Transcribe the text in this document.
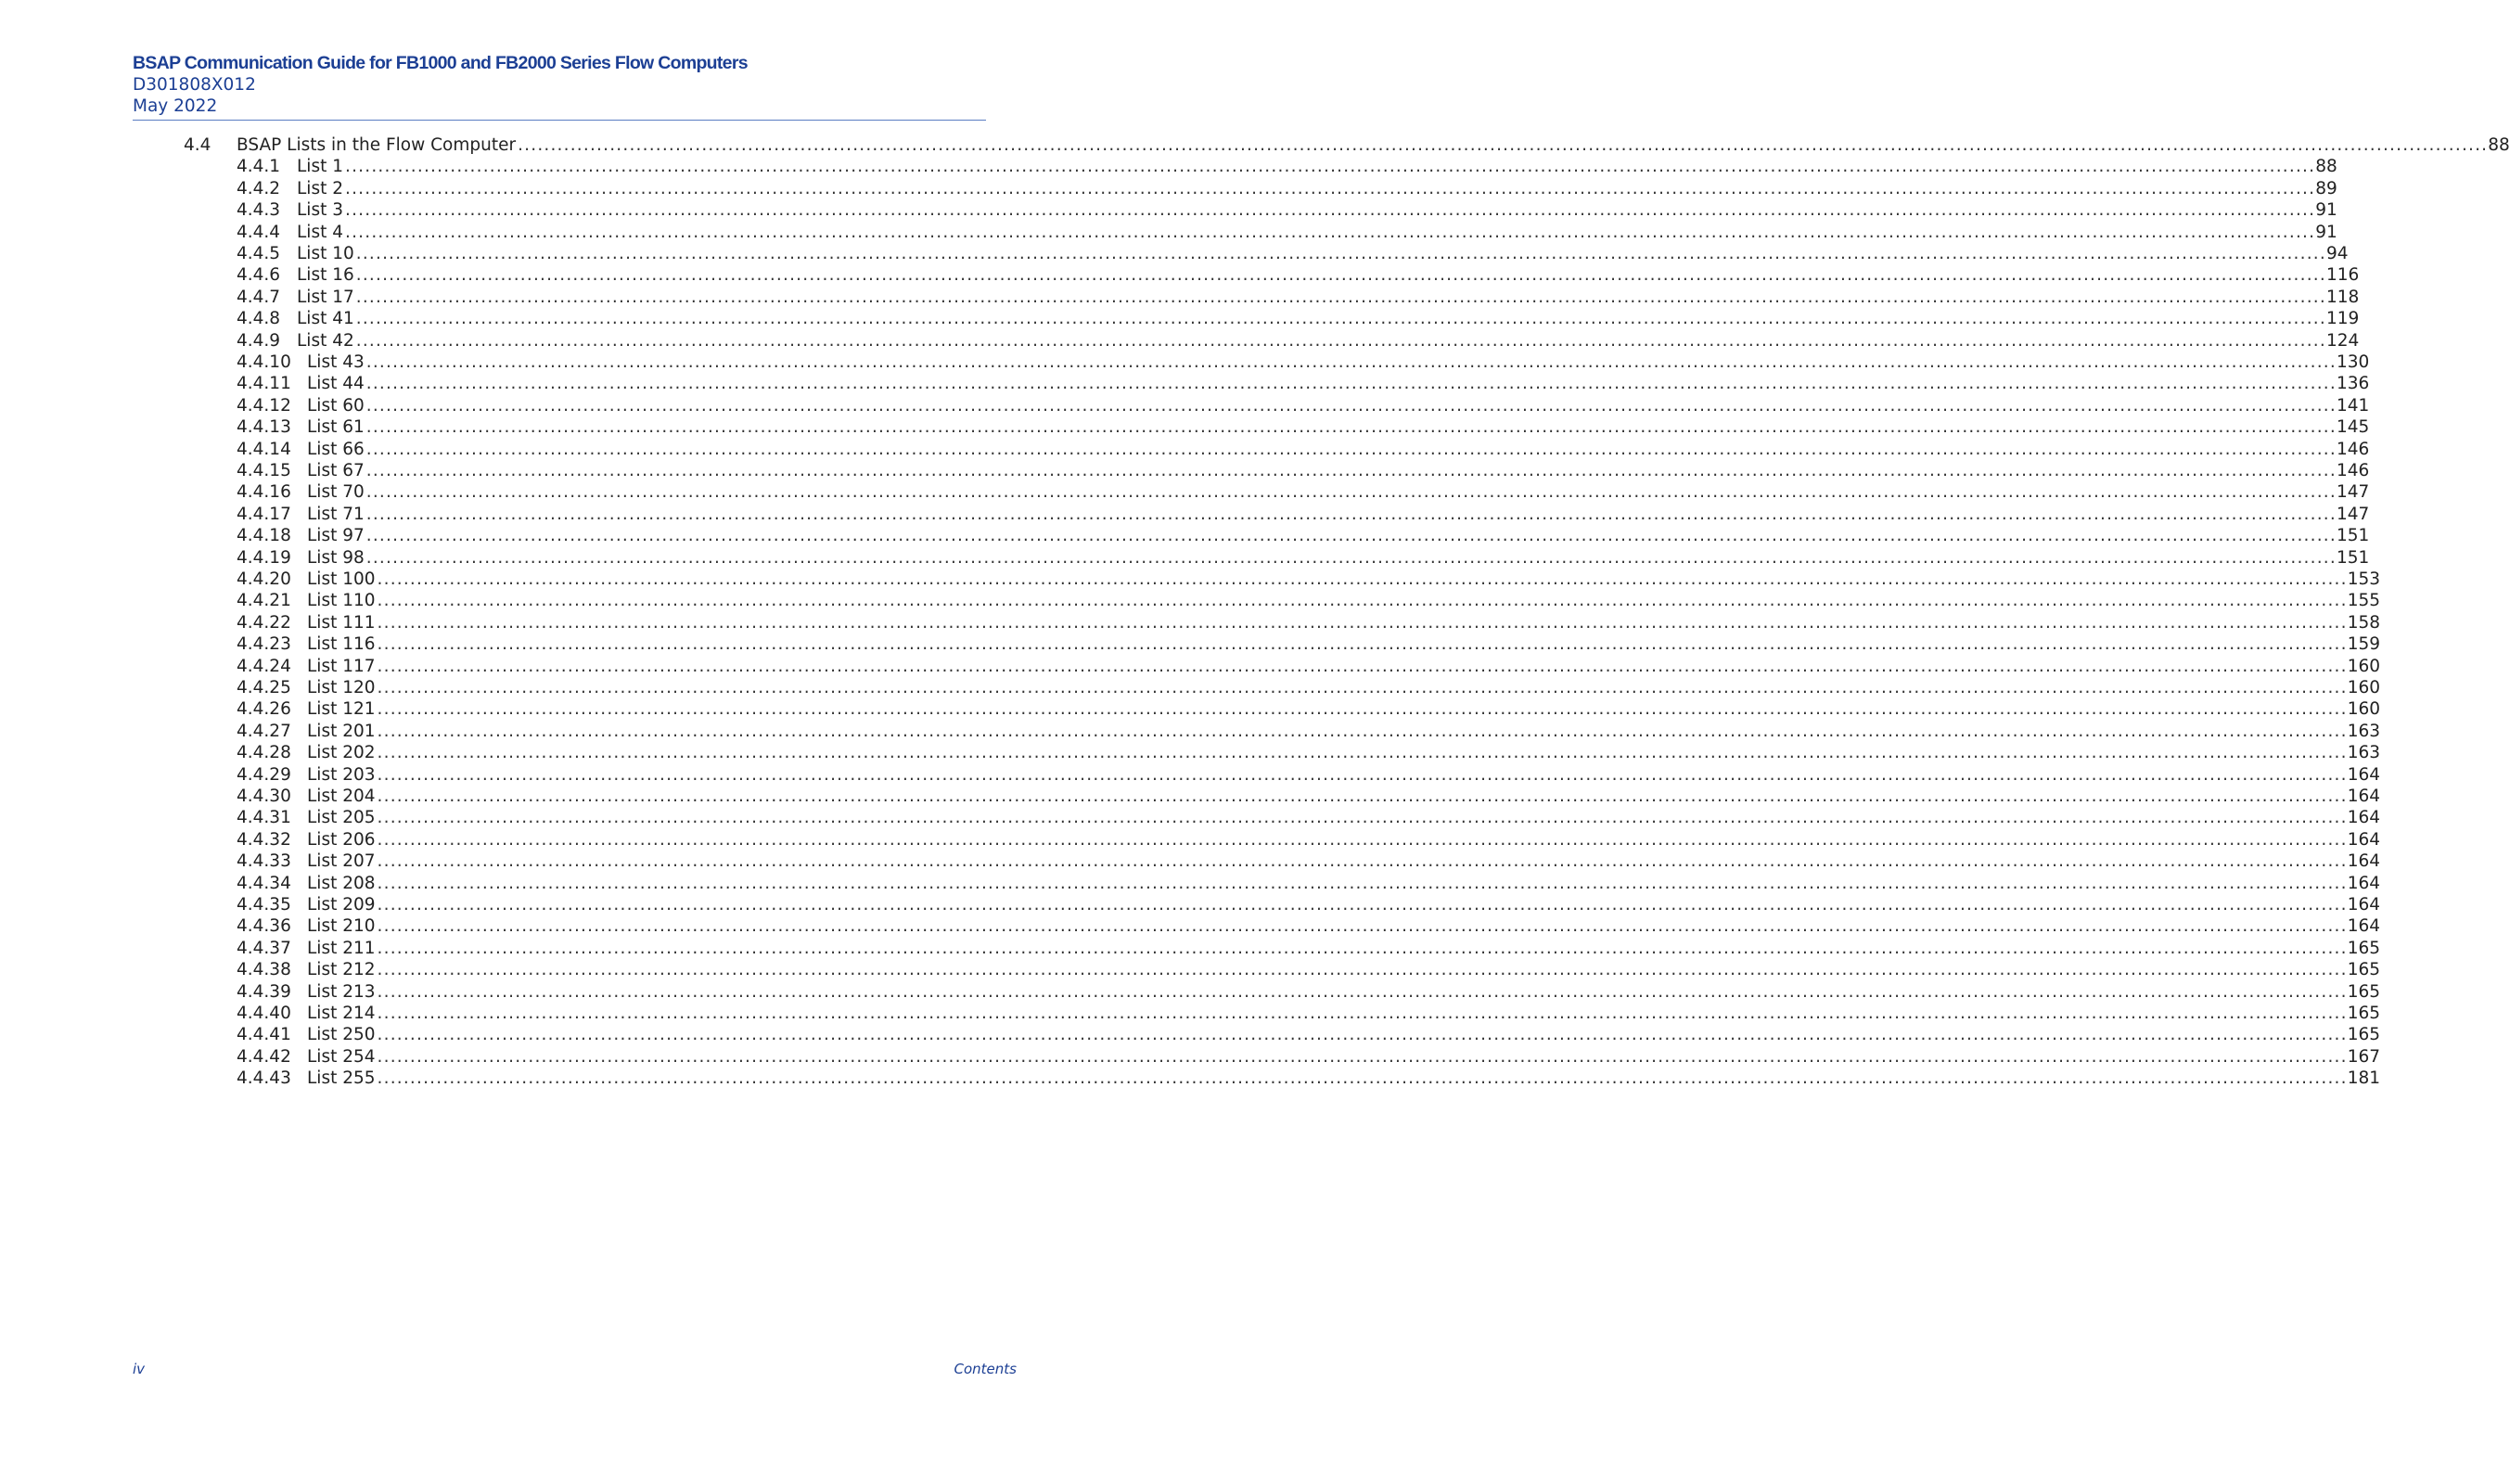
BSAP Communication Guide for FB1000 and FB2000 Series Flow Computers
D301808X012
May 2022
4.4 BSAP Lists in the Flow Computer ............................................................................................................................................................................................................................................................................................................ 88
4.4.1 List 1 ............................................................................................................................................................................................................................................................................................................ 88
4.4.2 List 2 ............................................................................................................................................................................................................................................................................................................ 89
4.4.3 List 3 ............................................................................................................................................................................................................................................................................................................ 91
4.4.4 List 4 ............................................................................................................................................................................................................................................................................................................ 91
4.4.5 List 10 ............................................................................................................................................................................................................................................................................................................ 94
4.4.6 List 16 ............................................................................................................................................................................................................................................................................................................ 116
4.4.7 List 17 ............................................................................................................................................................................................................................................................................................................ 118
4.4.8 List 41 ............................................................................................................................................................................................................................................................................................................ 119
4.4.9 List 42 ............................................................................................................................................................................................................................................................................................................ 124
4.4.10 List 43 ............................................................................................................................................................................................................................................................................................................ 130
4.4.11 List 44 ............................................................................................................................................................................................................................................................................................................ 136
4.4.12 List 60 ............................................................................................................................................................................................................................................................................................................ 141
4.4.13 List 61 ............................................................................................................................................................................................................................................................................................................ 145
4.4.14 List 66 ............................................................................................................................................................................................................................................................................................................ 146
4.4.15 List 67 ............................................................................................................................................................................................................................................................................................................ 146
4.4.16 List 70 ............................................................................................................................................................................................................................................................................................................ 147
4.4.17 List 71 ............................................................................................................................................................................................................................................................................................................ 147
4.4.18 List 97 ............................................................................................................................................................................................................................................................................................................ 151
4.4.19 List 98 ............................................................................................................................................................................................................................................................................................................ 151
4.4.20 List 100 ............................................................................................................................................................................................................................................................................................................ 153
4.4.21 List 110 ............................................................................................................................................................................................................................................................................................................ 155
4.4.22 List 111 ............................................................................................................................................................................................................................................................................................................ 158
4.4.23 List 116 ............................................................................................................................................................................................................................................................................................................ 159
4.4.24 List 117 ............................................................................................................................................................................................................................................................................................................ 160
4.4.25 List 120 ............................................................................................................................................................................................................................................................................................................ 160
4.4.26 List 121 ............................................................................................................................................................................................................................................................................................................ 160
4.4.27 List 201 ............................................................................................................................................................................................................................................................................................................ 163
4.4.28 List 202 ............................................................................................................................................................................................................................................................................................................ 163
4.4.29 List 203 ............................................................................................................................................................................................................................................................................................................ 164
4.4.30 List 204 ............................................................................................................................................................................................................................................................................................................ 164
4.4.31 List 205 ............................................................................................................................................................................................................................................................................................................ 164
4.4.32 List 206 ............................................................................................................................................................................................................................................................................................................ 164
4.4.33 List 207 ............................................................................................................................................................................................................................................................................................................ 164
4.4.34 List 208 ............................................................................................................................................................................................................................................................................................................ 164
4.4.35 List 209 ............................................................................................................................................................................................................................................................................................................ 164
4.4.36 List 210 ............................................................................................................................................................................................................................................................................................................ 164
4.4.37 List 211 ............................................................................................................................................................................................................................................................................................................ 165
4.4.38 List 212 ............................................................................................................................................................................................................................................................................................................ 165
4.4.39 List 213 ............................................................................................................................................................................................................................................................................................................ 165
4.4.40 List 214 ............................................................................................................................................................................................................................................................................................................ 165
4.4.41 List 250 ............................................................................................................................................................................................................................................................................................................ 165
4.4.42 List 254 ............................................................................................................................................................................................................................................................................................................ 167
4.4.43 List 255 ............................................................................................................................................................................................................................................................................................................ 181
iv	Contents
